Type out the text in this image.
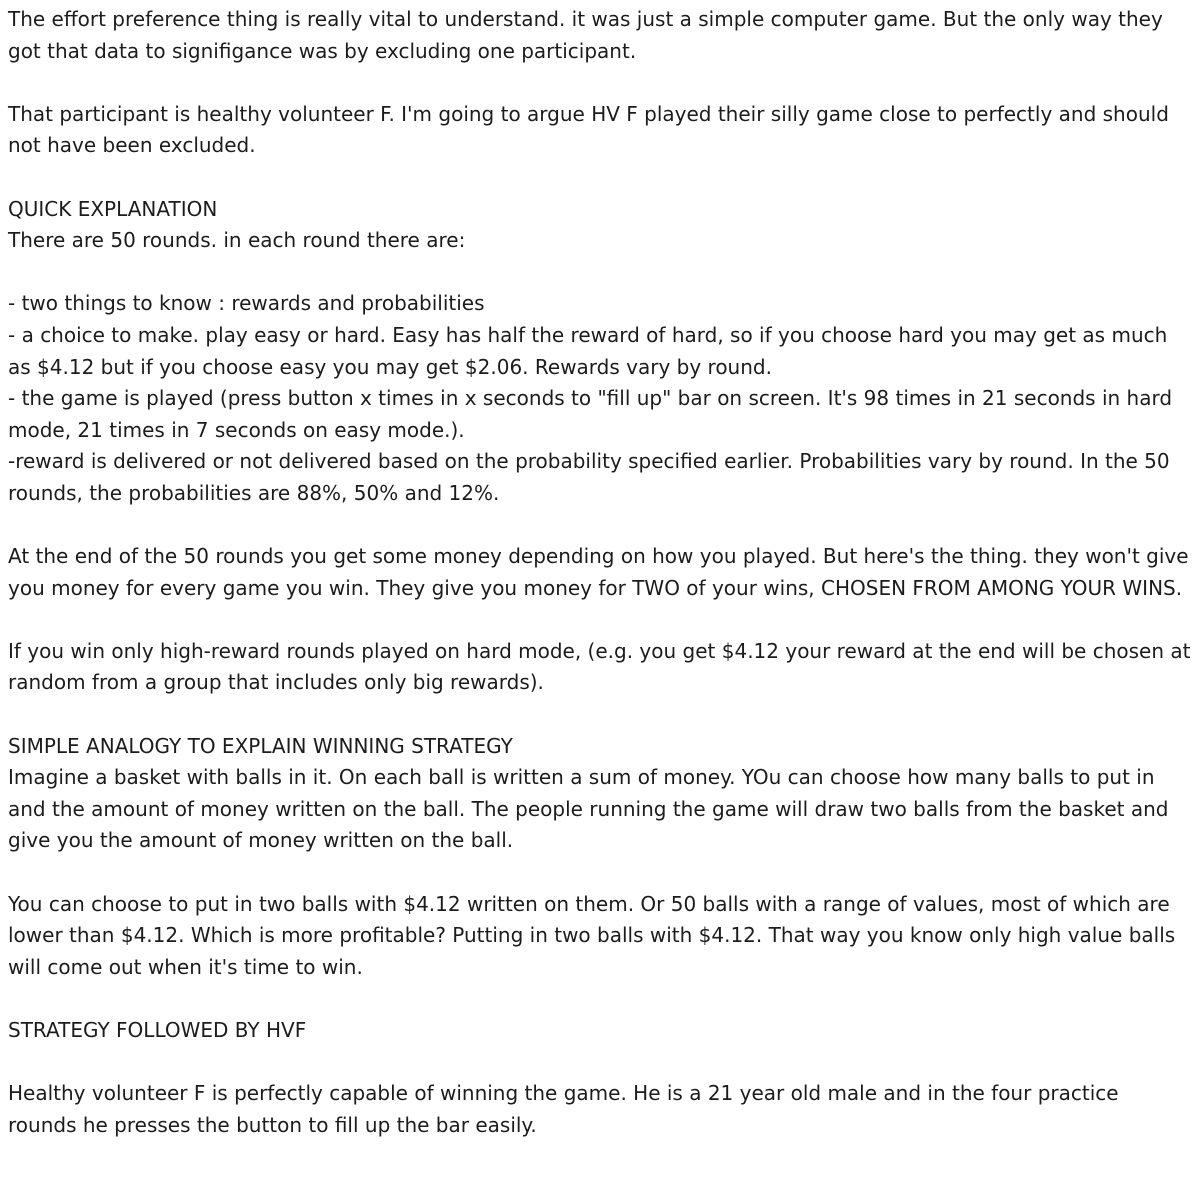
The effort preference thing is really vital to understand. it was just a simple computer game. But the only way they got that data to signifigance was by excluding one participant.

That participant is healthy volunteer F. I'm going to argue HV F played their silly game close to perfectly and should not have been excluded.

QUICK EXPLANATION

There are 50 rounds. in each round there are:

- two things to know : rewards and probabilities

- a choice to make. play easy or hard. Easy has half the reward of hard, so if you choose hard you may get as much as $4.12 but if you choose easy you may get $2.06. Rewards vary by round.

- the game is played (press button x times in x seconds to "fill up" bar on screen. It's 98 times in 21 seconds in hard mode, 21 times in 7 seconds on easy mode.).

-reward is delivered or not delivered based on the probability specified earlier. Probabilities vary by round. In the 50 rounds, the probabilities are 88%, 50% and 12%.

At the end of the 50 rounds you get some money depending on how you played. But here's the thing. they won't give you money for every game you win. They give you money for TWO of your wins, CHOSEN FROM AMONG YOUR WINS.

If you win only high-reward rounds played on hard mode, (e.g. you get $4.12 your reward at the end will be chosen at random from a group that includes only big rewards).

SIMPLE ANALOGY TO EXPLAIN WINNING STRATEGY

Imagine a basket with balls in it. On each ball is written a sum of money. YOu can choose how many balls to put in and the amount of money written on the ball. The people running the game will draw two balls from the basket and give you the amount of money written on the ball.

You can choose to put in two balls with $4.12 written on them. Or 50 balls with a range of values, most of which are lower than $4.12. Which is more profitable? Putting in two balls with $4.12. That way you know only high value balls will come out when it's time to win.

STRATEGY FOLLOWED BY HVF

Healthy volunteer F is perfectly capable of winning the game. He is a 21 year old male and in the four practice rounds he presses the button to fill up the bar easily.
